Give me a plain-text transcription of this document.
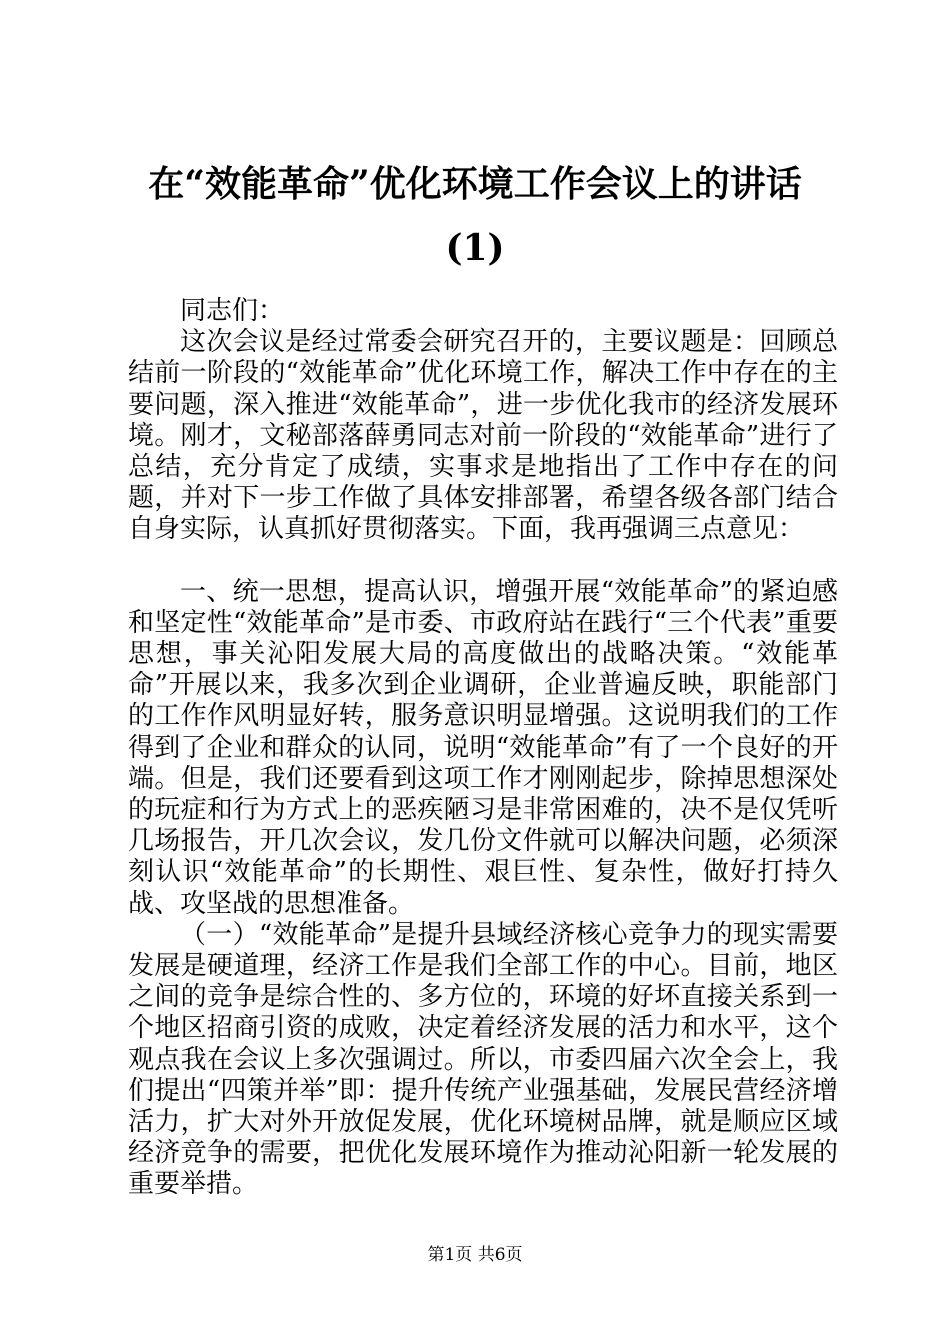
在“效能革命”优化环境工作会议上的讲话
(1)

同志们：

这次会议是经过常委会研究召开的，主要议题是：回顾总结前一阶段的“效能革命”优化环境工作，解决工作中存在的主要问题，深入推进“效能革命”，进一步优化我市的经济发展环境。刚才，文秘部落薛勇同志对前一阶段的“效能革命”进行了总结，充分肯定了成绩，实事求是地指出了工作中存在的问题，并对下一步工作做了具体安排部署，希望各级各部门结合自身实际，认真抓好贯彻落实。下面，我再强调三点意见：

一、统一思想，提高认识，增强开展“效能革命”的紧迫感和坚定性“效能革命”是市委、市政府站在践行“三个代表”重要思想，事关沁阳发展大局的高度做出的战略决策。“效能革命”开展以来，我多次到企业调研，企业普遍反映，职能部门的工作作风明显好转，服务意识明显增强。这说明我们的工作得到了企业和群众的认同，说明“效能革命”有了一个良好的开端。但是，我们还要看到这项工作才刚刚起步，除掉思想深处的玩症和行为方式上的恶疾陋习是非常困难的，决不是仅凭听几场报告，开几次会议，发几份文件就可以解决问题，必须深刻认识“效能革命”的长期性、艰巨性、复杂性，做好打持久战、攻坚战的思想准备。

（一）“效能革命”是提升县域经济核心竞争力的现实需要发展是硬道理，经济工作是我们全部工作的中心。目前，地区之间的竞争是综合性的、多方位的，环境的好坏直接关系到一个地区招商引资的成败，决定着经济发展的活力和水平，这个观点我在会议上多次强调过。所以，市委四届六次全会上，我们提出“四策并举”即：提升传统产业强基础，发展民营经济增活力，扩大对外开放促发展，优化环境树品牌，就是顺应区域经济竞争的需要，把优化发展环境作为推动沁阳新一轮发展的重要举措。

第1页 共6页
